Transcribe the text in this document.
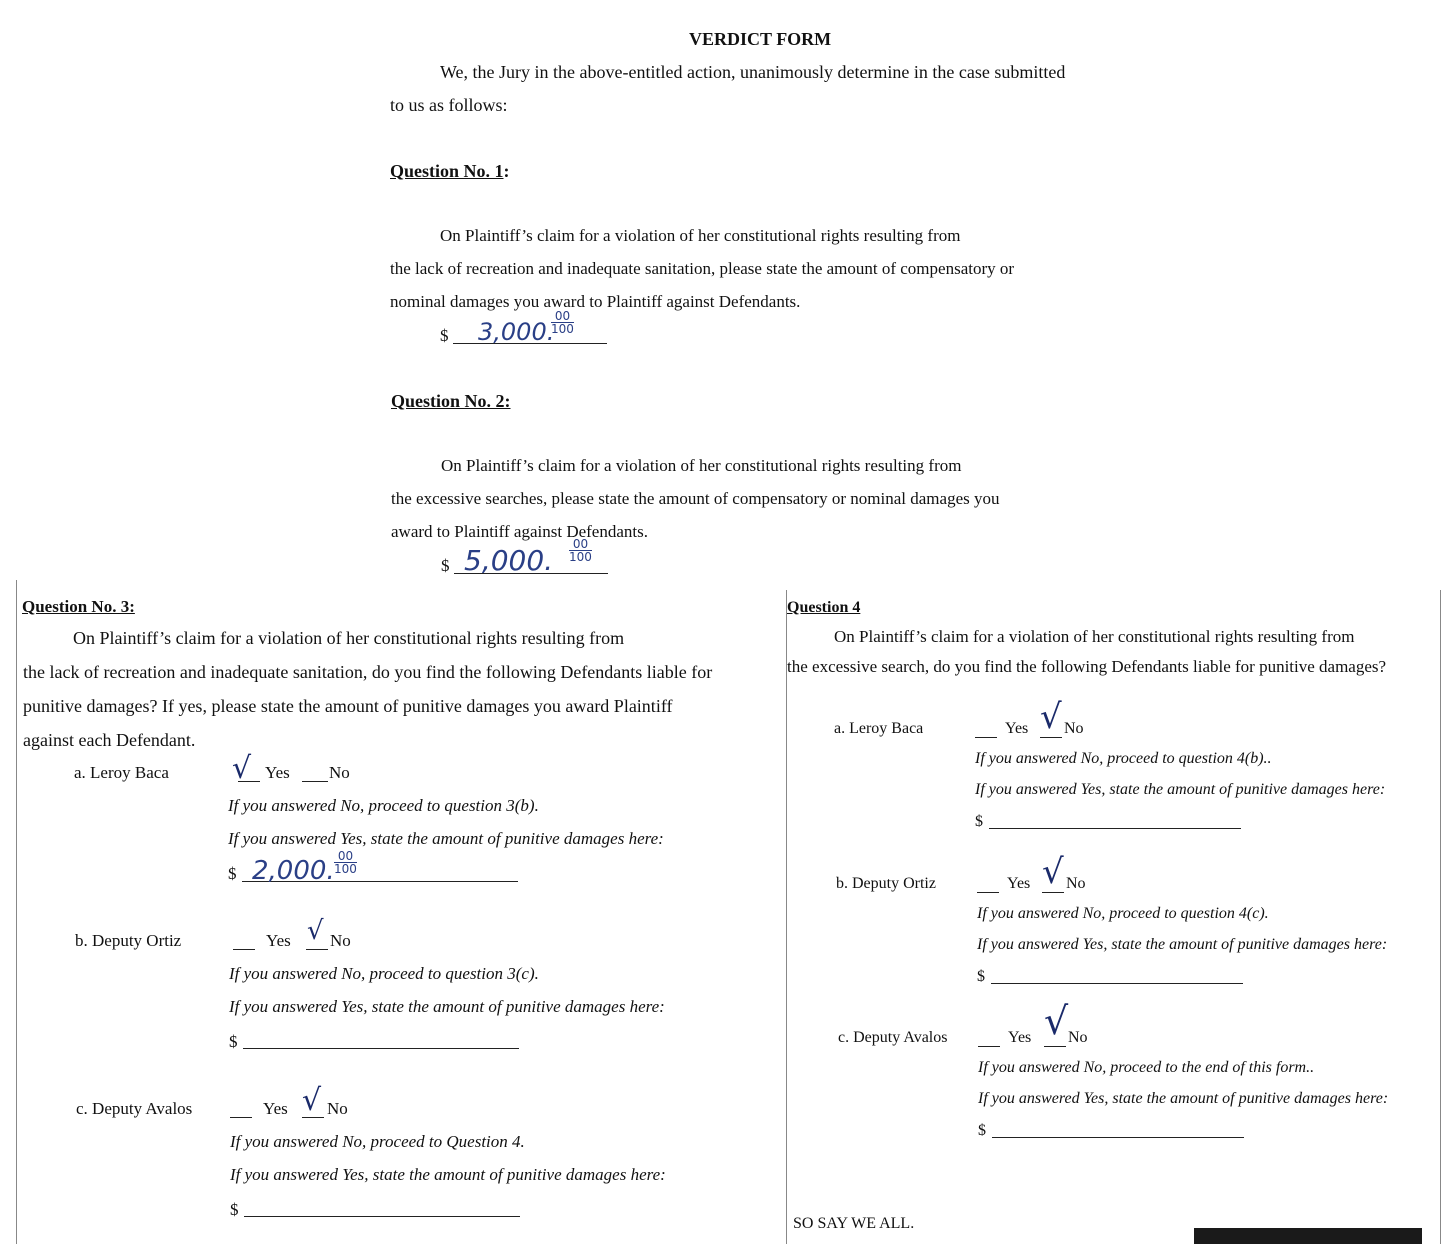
VERDICT FORM
We, the Jury in the above-entitled action, unanimously determine in the case submitted
to us as follows:
Question No. 1:
On Plaintiff’s claim for a violation of her constitutional rights resulting from
the lack of recreation and inadequate sanitation, please state the amount of compensatory or
nominal damages you award to Plaintiff against Defendants.
$ 3,000.
$\frac{00}{100}$
Question No. 2:
On Plaintiff’s claim for a violation of her constitutional rights resulting from
the excessive searches, please state the amount of compensatory or nominal damages you
award to Plaintiff against Defendants.
$ 5,000. $\frac{00}{100}$
Question No. 3:
On Plaintiff’s claim for a violation of her constitutional rights resulting from
the lack of recreation and inadequate sanitation, do you find the following Defendants liable for
punitive damages? If yes, please state the amount of punitive damages you award Plaintiff
against each Defendant.
a. Leroy Baca √ Yes No
If you answered No, proceed to question 3(b).
If you answered Yes, state the amount of punitive damages here:
$ 2,000. $\frac{00}{100}$
b. Deputy Ortiz	Yes √ No
If you answered No, proceed to question 3(c).
If you answered Yes, state the amount of punitive damages here:
$
c. Deputy Avalos	Yes √ No
If you answered No, proceed to Question 4.
If you answered Yes, state the amount of punitive damages here:
$
Question 4
On Plaintiff’s claim for a violation of her constitutional rights resulting from
the excessive search, do you find the following Defendants liable for punitive damages?
a. Leroy Baca	Yes √ No
If you answered No, proceed to question 4(b)..
If you answered Yes, state the amount of punitive damages here:
$
b. Deputy Ortiz	Yes √ No
If you answered No, proceed to question 4(c).
If you answered Yes, state the amount of punitive damages here:
$
c. Deputy Avalos	Yes √ No
If you answered No, proceed to the end of this form..
If you answered Yes, state the amount of punitive damages here:
$
SO SAY WE ALL.
